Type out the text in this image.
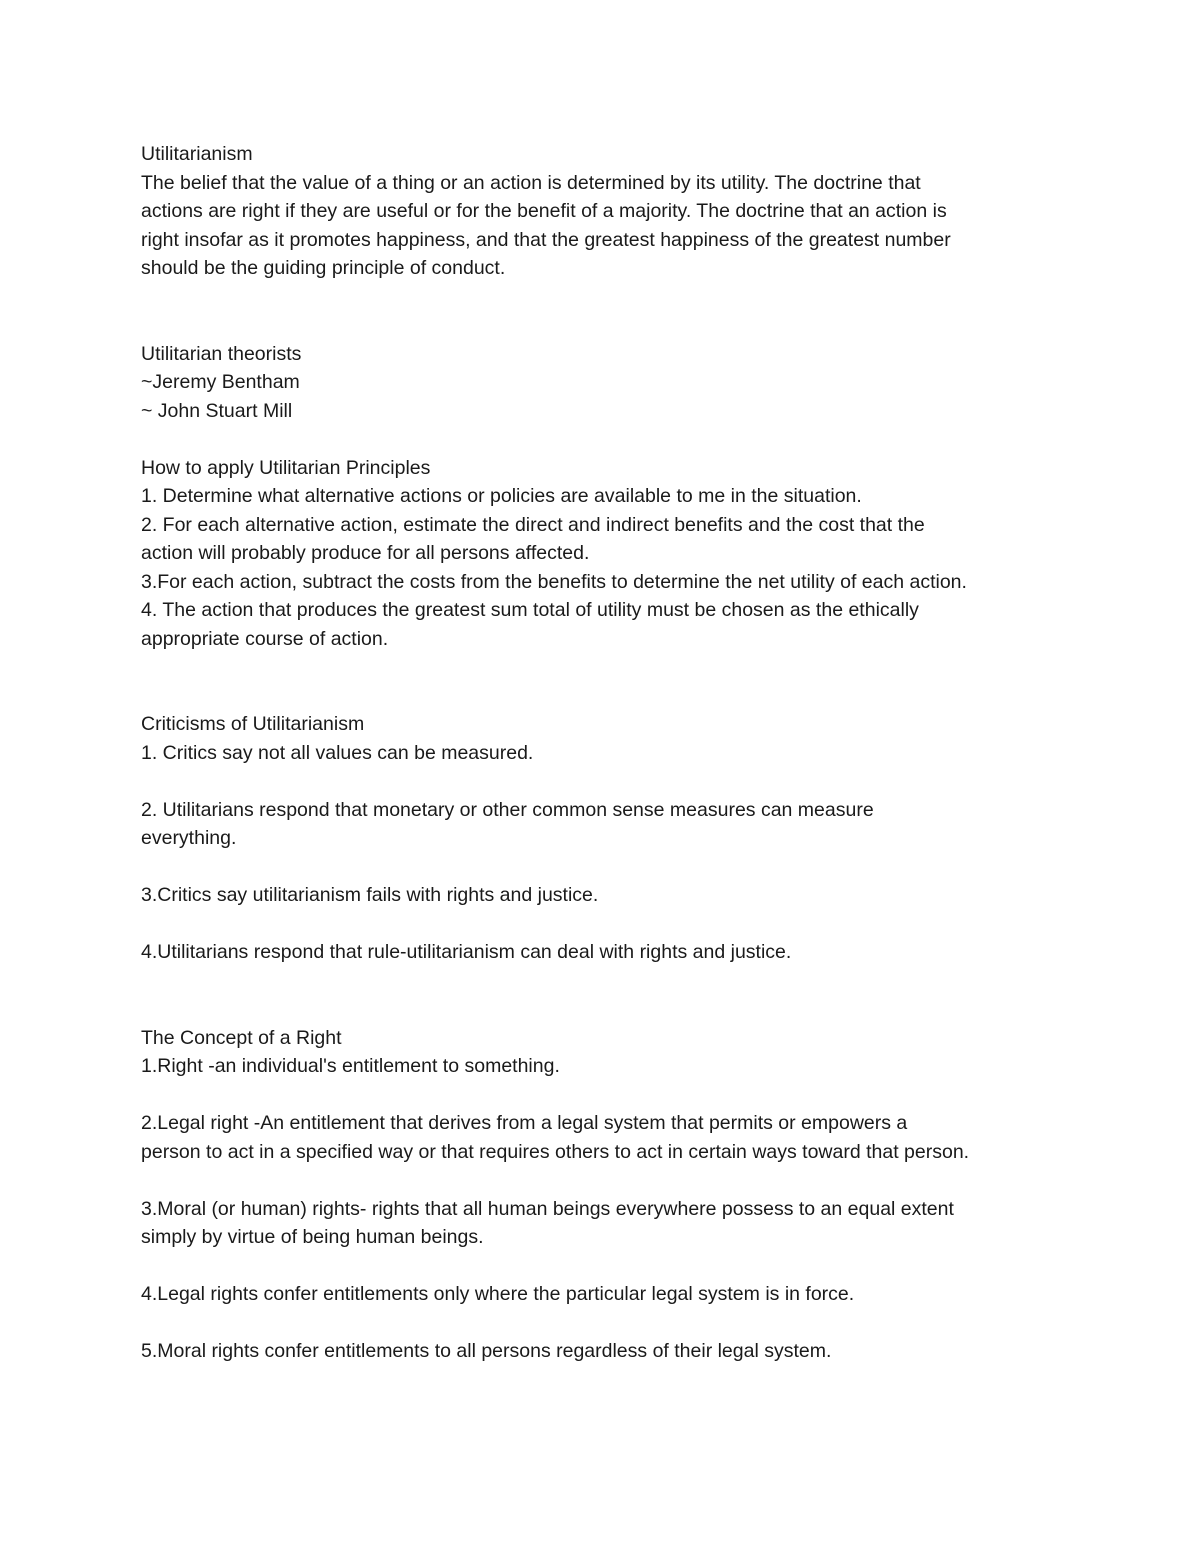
Utilitarianism
The belief that the value of a thing or an action is determined by its utility. The doctrine that
actions are right if they are useful or for the benefit of a majority. The doctrine that an action is
right insofar as it promotes happiness, and that the greatest happiness of the greatest number
should be the guiding principle of conduct.
Utilitarian theorists
~Jeremy Bentham
~ John Stuart Mill
How to apply Utilitarian Principles
1. Determine what alternative actions or policies are available to me in the situation.
2. For each alternative action, estimate the direct and indirect benefits and the cost that the
action will probably produce for all persons affected.
3.For each action, subtract the costs from the benefits to determine the net utility of each action.
4. The action that produces the greatest sum total of utility must be chosen as the ethically
appropriate course of action.
Criticisms of Utilitarianism
1. Critics say not all values can be measured.
2. Utilitarians respond that monetary or other common sense measures can measure
everything.
3.Critics say utilitarianism fails with rights and justice.
4.Utilitarians respond that rule-utilitarianism can deal with rights and justice.
The Concept of a Right
1.Right -an individual's entitlement to something.
2.Legal right -An entitlement that derives from a legal system that permits or empowers a
person to act in a specified way or that requires others to act in certain ways toward that person.
3.Moral (or human) rights- rights that all human beings everywhere possess to an equal extent
simply by virtue of being human beings.
4.Legal rights confer entitlements only where the particular legal system is in force.
5.Moral rights confer entitlements to all persons regardless of their legal system.
